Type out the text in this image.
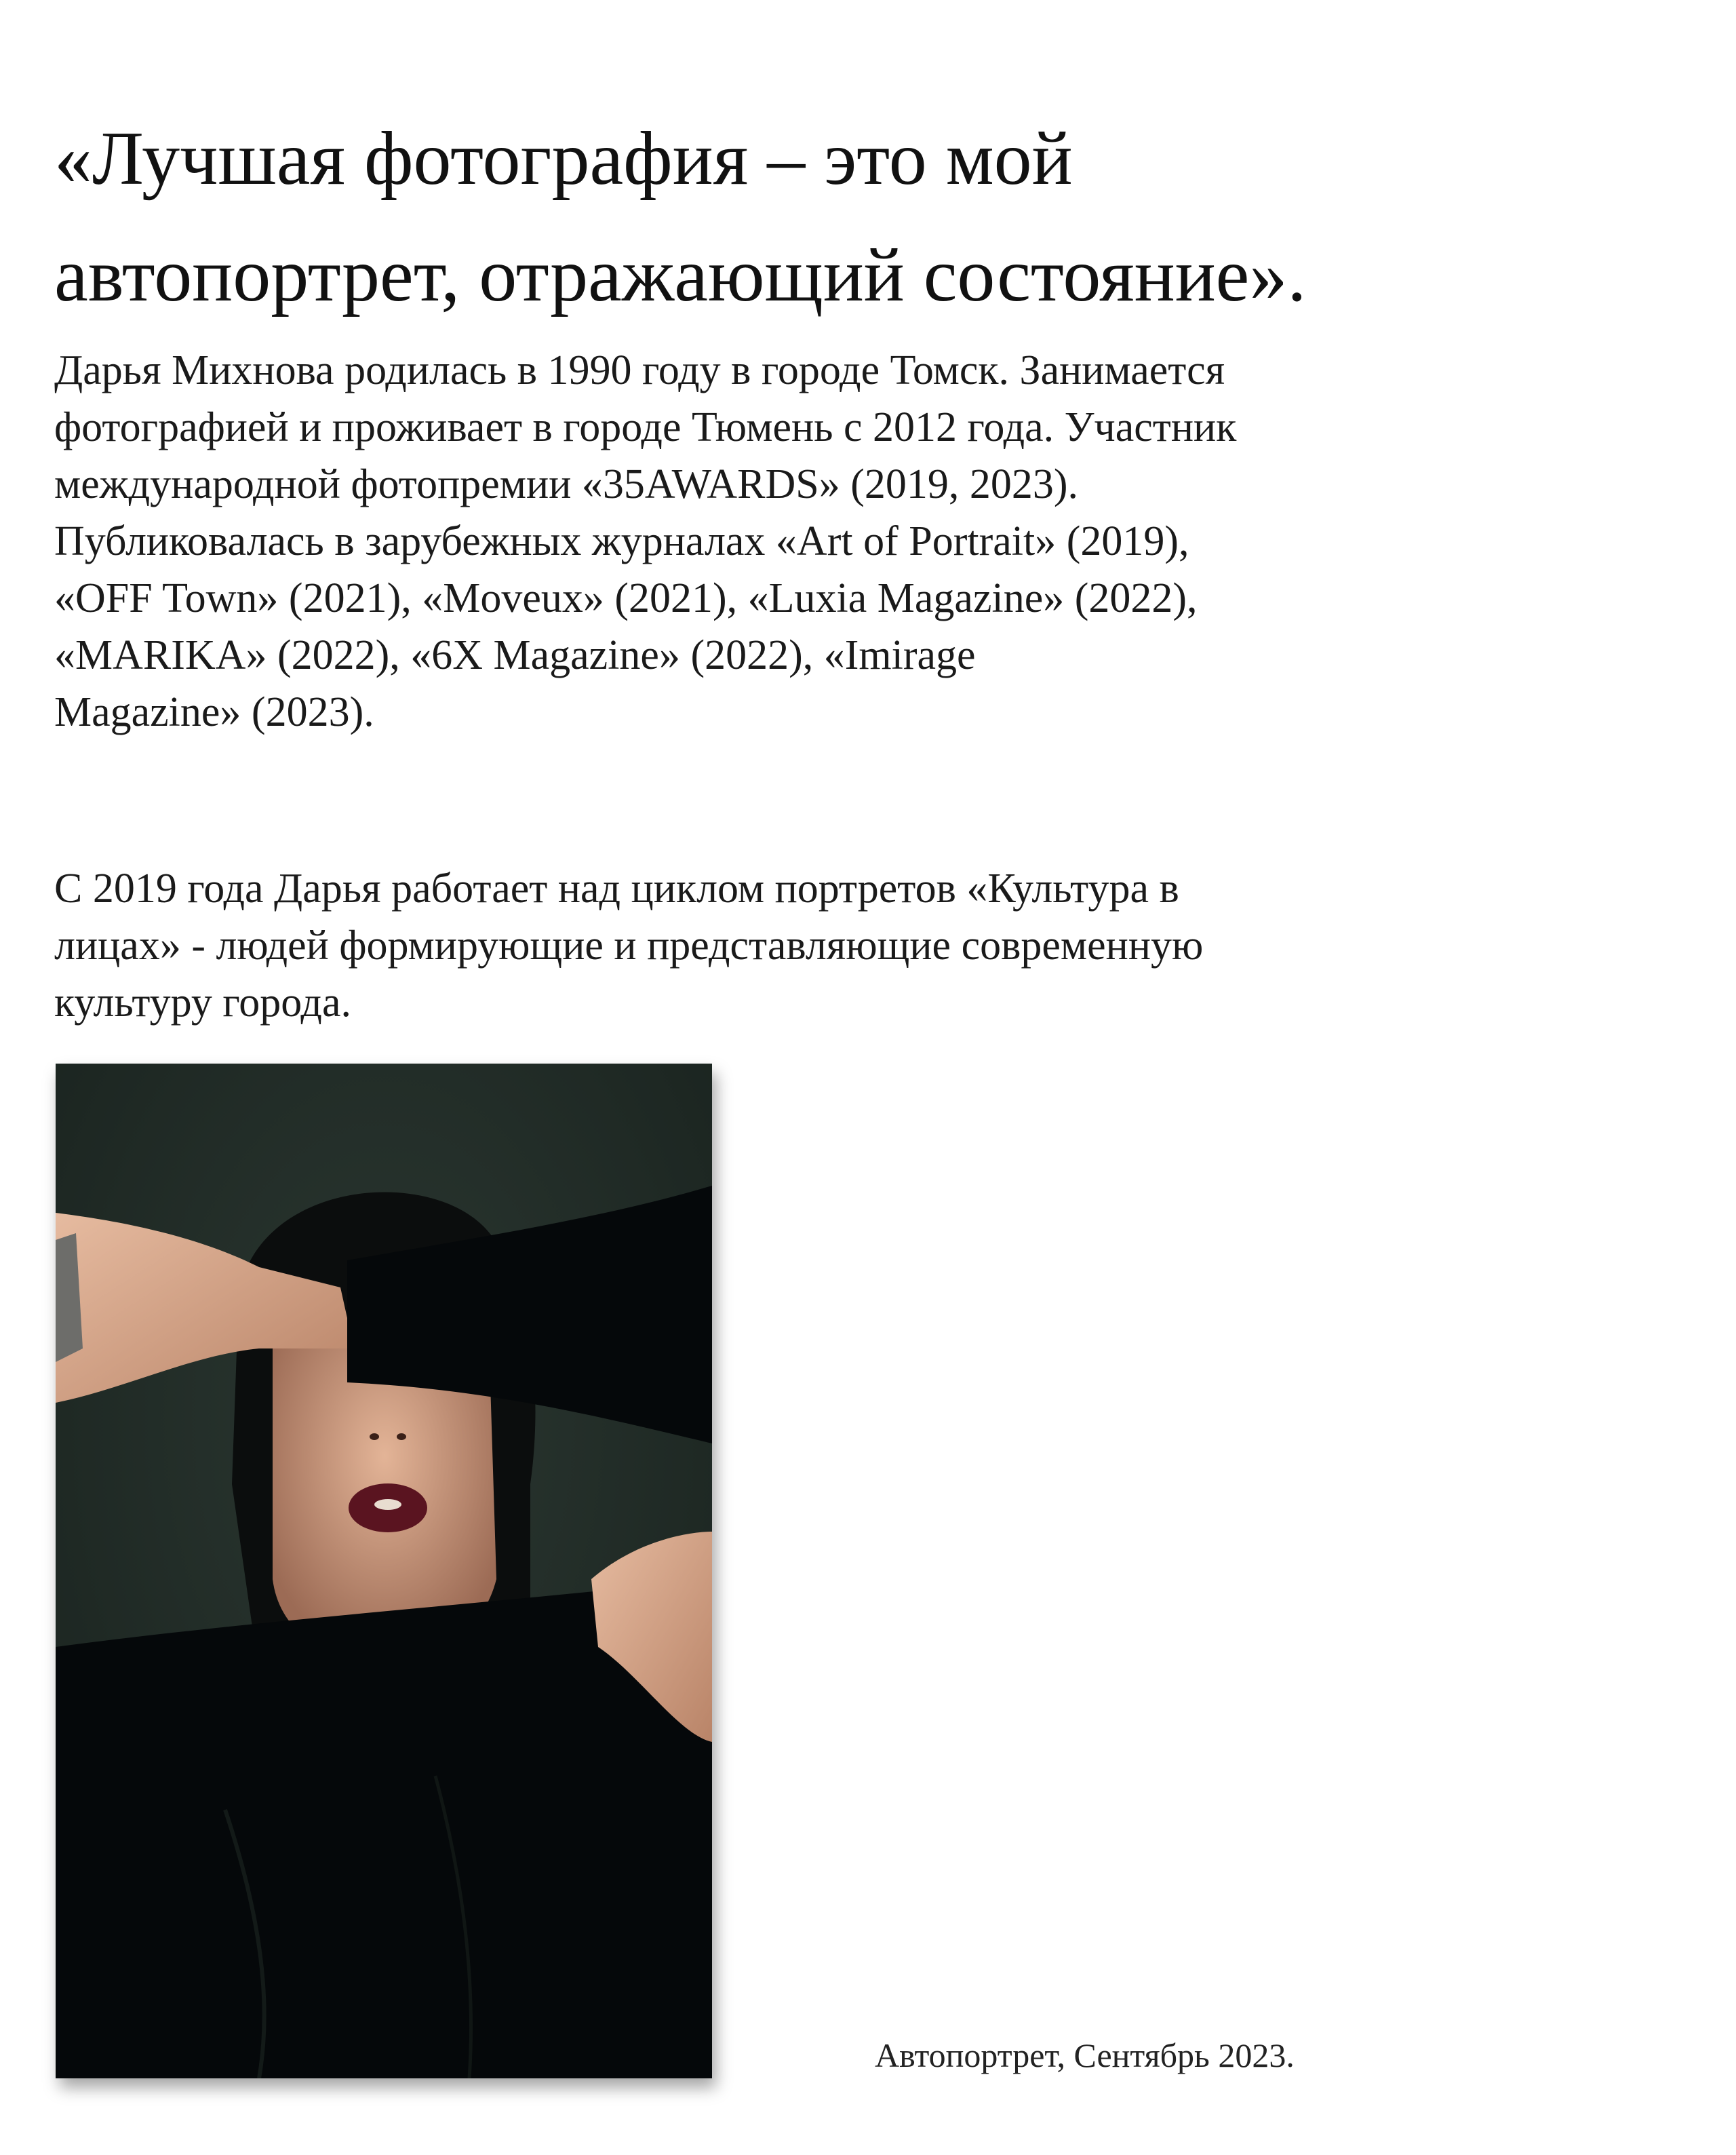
«Лучшая фотография – это мой
автопортрет, отражающий состояние».

Дарья Михнова родилась в 1990 году в городе Томск. Занимается
фотографией и проживает в городе Тюмень с 2012 года. Участник
международной фотопремии «35AWARDS» (2019, 2023).
Публиковалась в зарубежных журналах «Art of Portrait» (2019),
«OFF Town» (2021), «Moveux» (2021), «Luxia Magazine» (2022),
«MARIKA» (2022), «6X Magazine» (2022), «Imirage
Magazine» (2023).

С 2019 года Дарья работает над циклом портретов «Культура в
лицах» - людей формирующие и представляющие современную
культуру города.

Автопортрет, Сентябрь 2023.
